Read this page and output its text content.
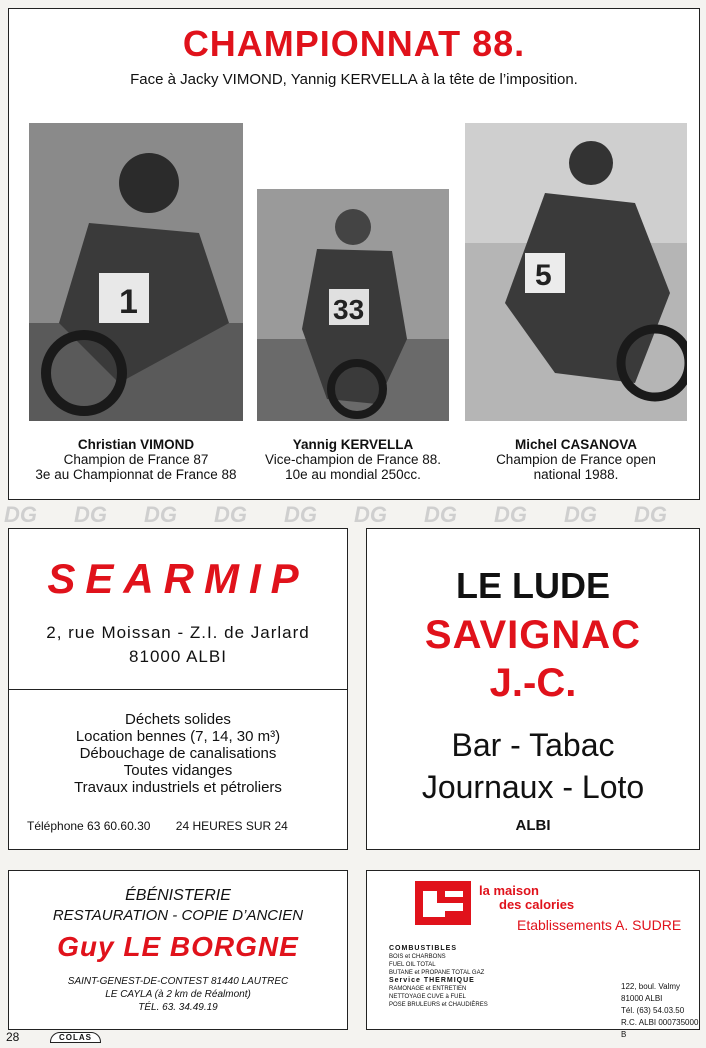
CHAMPIONNAT 88.
Face à Jacky VIMOND, Yannig KERVELLA à la tête de l’imposition.
1	33
5
Christian VIMOND
Champion de France 87
3e au Championnat de France 88
Yannig KERVELLA
Vice-champion de France 88.
10e au mondial 250cc.
Michel CASANOVA
Champion de France open
national 1988.
DG DG DG DG DG DG DG DG DG DG
SEARMIP
2, rue Moissan - Z.I. de Jarlard
81000 ALBI
Déchets solides
Location bennes (7, 14, 30 m³)
Débouchage de canalisations
Toutes vidanges
Travaux industriels et pétroliers
Téléphone 63 60.60.30 24 HEURES SUR 24
LE LUDE
SAVIGNAC
J.-C.
Bar - Tabac
Journaux - Loto
ALBI
ÉBÉNISTERIE
RESTAURATION - COPIE D’ANCIEN
Guy LE BORGNE
SAINT-GENEST-DE-CONTEST 81440 LAUTREC
LE CAYLA (à 2 km de Réalmont)
TÉL. 63. 34.49.19
la maison
des calories
Etablissements A. SUDRE
COMBUSTIBLES
BOIS et CHARBONS
FUEL OIL TOTAL
BUTANE et PROPANE TOTAL GAZ
Service THERMIQUE
RAMONAGE et ENTRETIEN
NETTOYAGE CUVE à FUEL
POSE BRULEURS et CHAUDIÈRES
122, boul. Valmy
81000 ALBI
Tél. (63) 54.03.50
R.C. ALBI 000735000 B
28	COLAS
